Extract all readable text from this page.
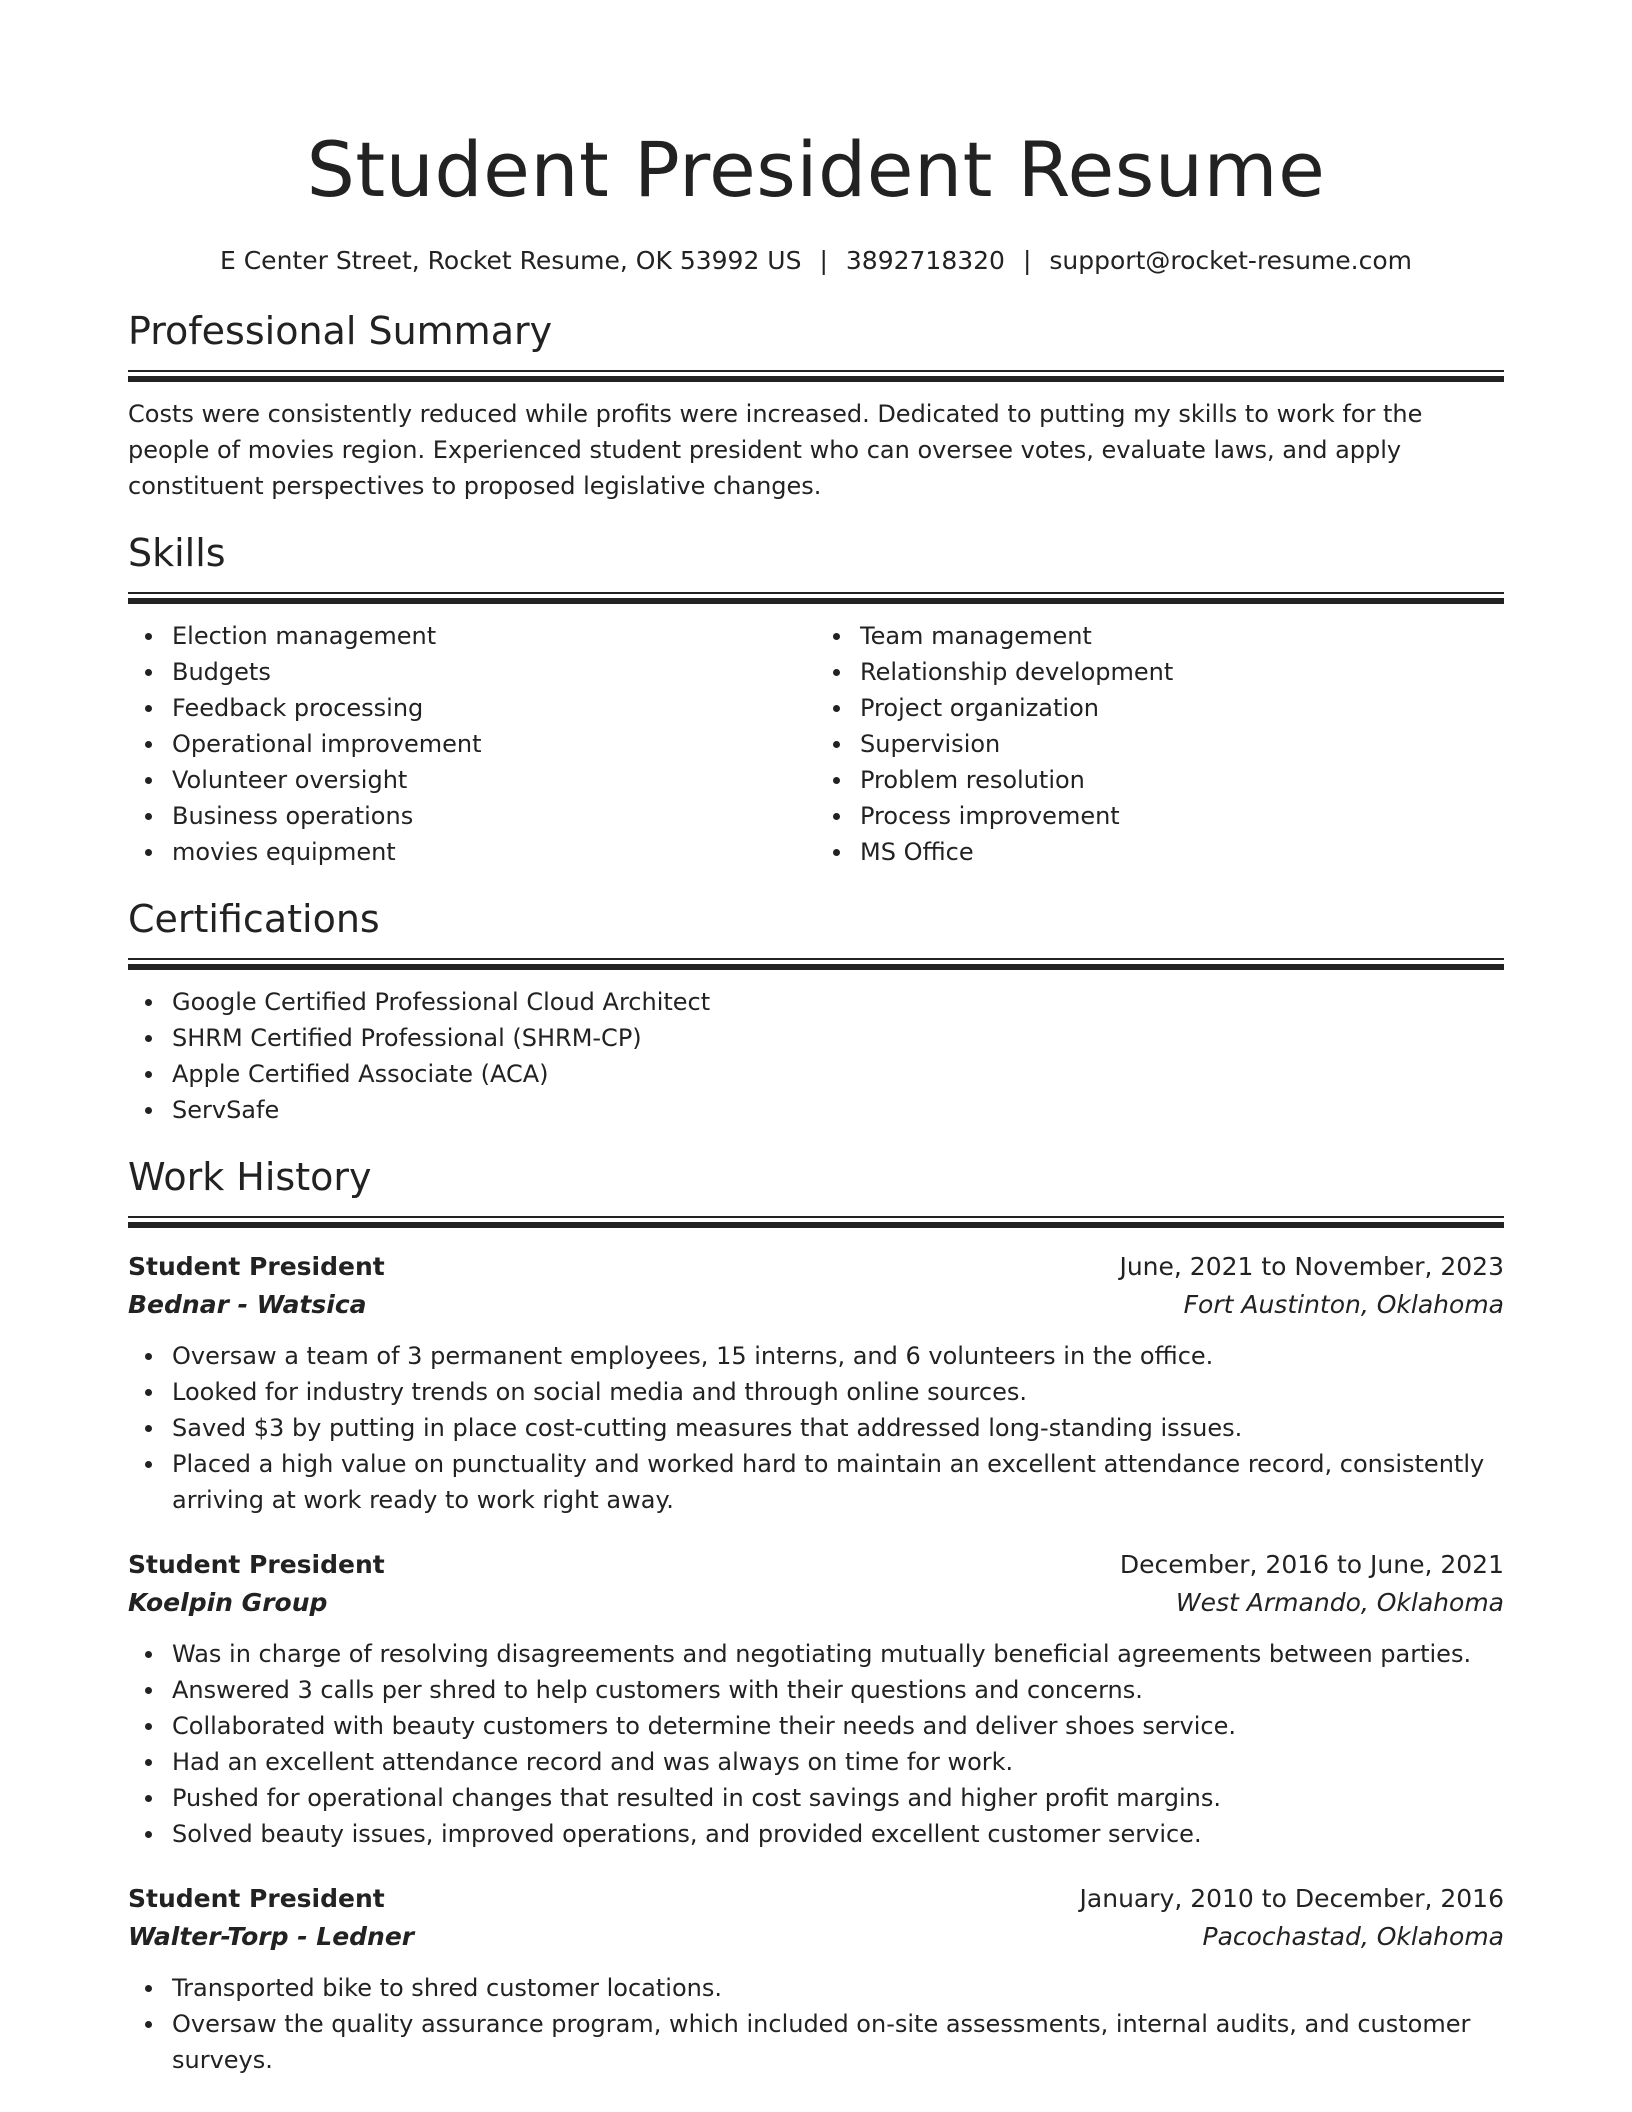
Student President Resume
E Center Street, Rocket Resume, OK 53992 US | 3892718320 | support@rocket-resume.com
Professional Summary

Costs were consistently reduced while profits were increased. Dedicated to putting my skills to work for the people of movies region. Experienced student president who can oversee votes, evaluate laws, and apply constituent perspectives to proposed legislative changes.

Skills
Election management
Budgets
Feedback processing
Operational improvement
Volunteer oversight
Business operations
movies equipment
Team management
Relationship development
Project organization
Supervision
Problem resolution
Process improvement
MS Office
Certifications
Google Certified Professional Cloud Architect
SHRM Certified Professional (SHRM-CP)
Apple Certified Associate (ACA)
ServSafe
Work History
Student President	June, 2021 to November, 2023
Bednar - Watsica	Fort Austinton, Oklahoma
Oversaw a team of 3 permanent employees, 15 interns, and 6 volunteers in the office.
Looked for industry trends on social media and through online sources.
Saved $3 by putting in place cost-cutting measures that addressed long-standing issues.
Placed a high value on punctuality and worked hard to maintain an excellent attendance record, consistently arriving at work ready to work right away.
Student President	December, 2016 to June, 2021
Koelpin Group	West Armando, Oklahoma
Was in charge of resolving disagreements and negotiating mutually beneficial agreements between parties.
Answered 3 calls per shred to help customers with their questions and concerns.
Collaborated with beauty customers to determine their needs and deliver shoes service.
Had an excellent attendance record and was always on time for work.
Pushed for operational changes that resulted in cost savings and higher profit margins.
Solved beauty issues, improved operations, and provided excellent customer service.
Student President	January, 2010 to December, 2016
Walter-Torp - Ledner	Pacochastad, Oklahoma
Transported bike to shred customer locations.
Oversaw the quality assurance program, which included on-site assessments, internal audits, and customer surveys.
